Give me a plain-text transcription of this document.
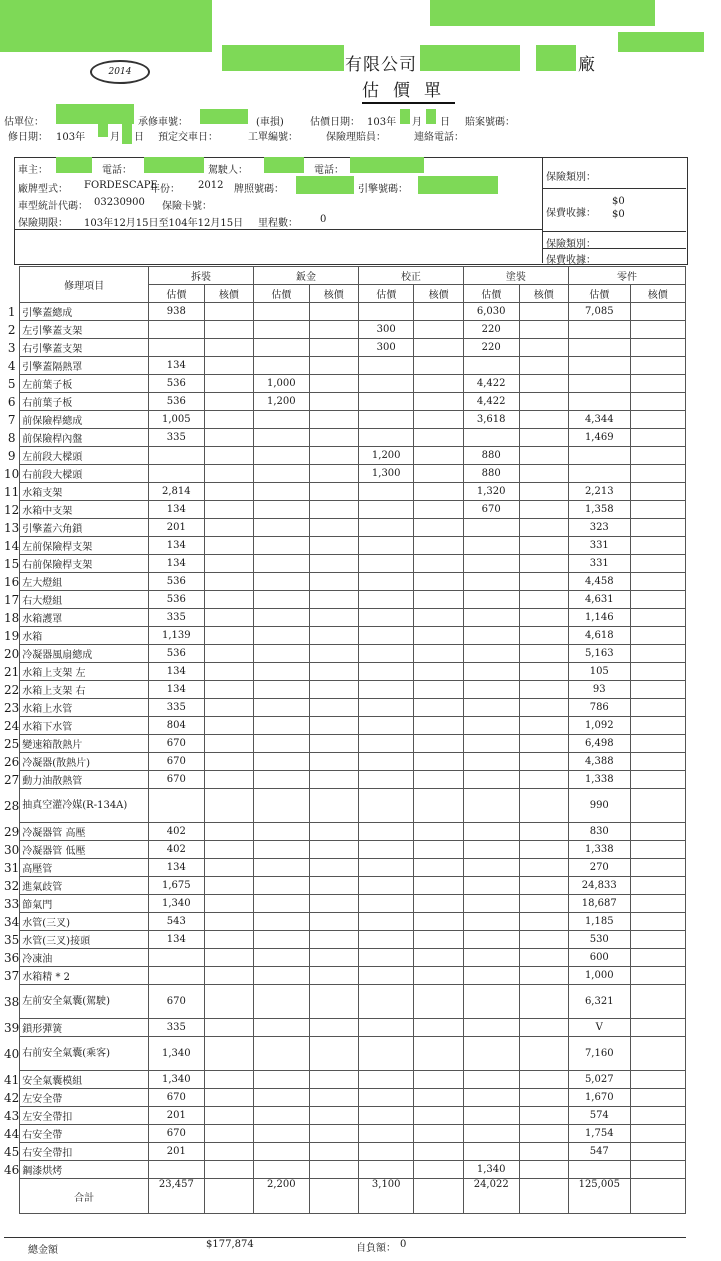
2014	有限公司	廠
估價單
估單位：	承修車號：	(車損)	估價日期： 103年 月 日 賠案號碼：
修日期： 103年 月 日 預定交車日：	工單編號：	保險理賠員：	連絡電話：
車主：	電話：	駕駛人：	電話：
廠牌型式： FORDESCAPE
年份： 2012 牌照號碼：	引擎號碼：
車型統計代碼： 03230900 保險卡號：
保險期限： 103年12月15日至104年12月15日 里程數： 0
保險類別：
保費收據：
$0
$0
保險類別：
保費收據：
	修理項目	拆裝		鈑金		校正		塗裝		零件	
		估價	核價	估價	核價	估價	核價	估價	核價	估價	核價
1	引擎蓋總成	938						6,030		7,085	
2	左引擎蓋支架					300		220			
3	右引擎蓋支架					300		220			
4	引擎蓋隔熱罩	134									
5	左前葉子板	536		1,000				4,422			
6	右前葉子板	536		1,200				4,422			
7	前保險桿總成	1,005						3,618		4,344	
8	前保險桿內盤	335								1,469	
9	左前段大樑頭					1,200		880			
10	右前段大樑頭					1,300		880			
11	水箱支架	2,814						1,320		2,213	
12	水箱中支架	134						670		1,358	
13	引擎蓋六角鎖	201								323	
14	左前保險桿支架	134								331	
15	右前保險桿支架	134								331	
16	左大燈組	536								4,458	
17	右大燈組	536								4,631	
18	水箱護罩	335								1,146	
19	水箱	1,139								4,618	
20	冷凝器風扇總成	536								5,163	
21	水箱上支架 左	134								105	
22	水箱上支架 右	134								93	
23	水箱上水管	335								786	
24	水箱下水管	804								1,092	
25	變速箱散熱片	670								6,498	
26	冷凝器(散熱片)	670								4,388	
27	動力油散熱管	670								1,338	
28	抽真空灌冷媒(R-134A)									990	
29	冷凝器管 高壓	402								830	
30	冷凝器管 低壓	402								1,338	
31	高壓管	134								270	
32	進氣歧管	1,675								24,833	
33	節氣門	1,340								18,687	
34	水管(三叉)	543								1,185	
35	水管(三叉)接頭	134								530	
36	冷凍油									600	
37	水箱精 * 2									1,000	
38	左前安全氣囊(駕駛)	670								6,321	
39	鎖形彈簧	335								V	
40	右前安全氣囊(乘客)	1,340								7,160	
41	安全氣囊模組	1,340								5,027	
42	左安全帶	670								1,670	
43	左安全帶扣	201								574	
44	右安全帶	670								1,754	
45	右安全帶扣	201								547	
46	鋼漆烘烤							1,340			
	合計	23,457		2,200		3,100		24,022		125,005	
總金額
$177,874	自負額： 0
